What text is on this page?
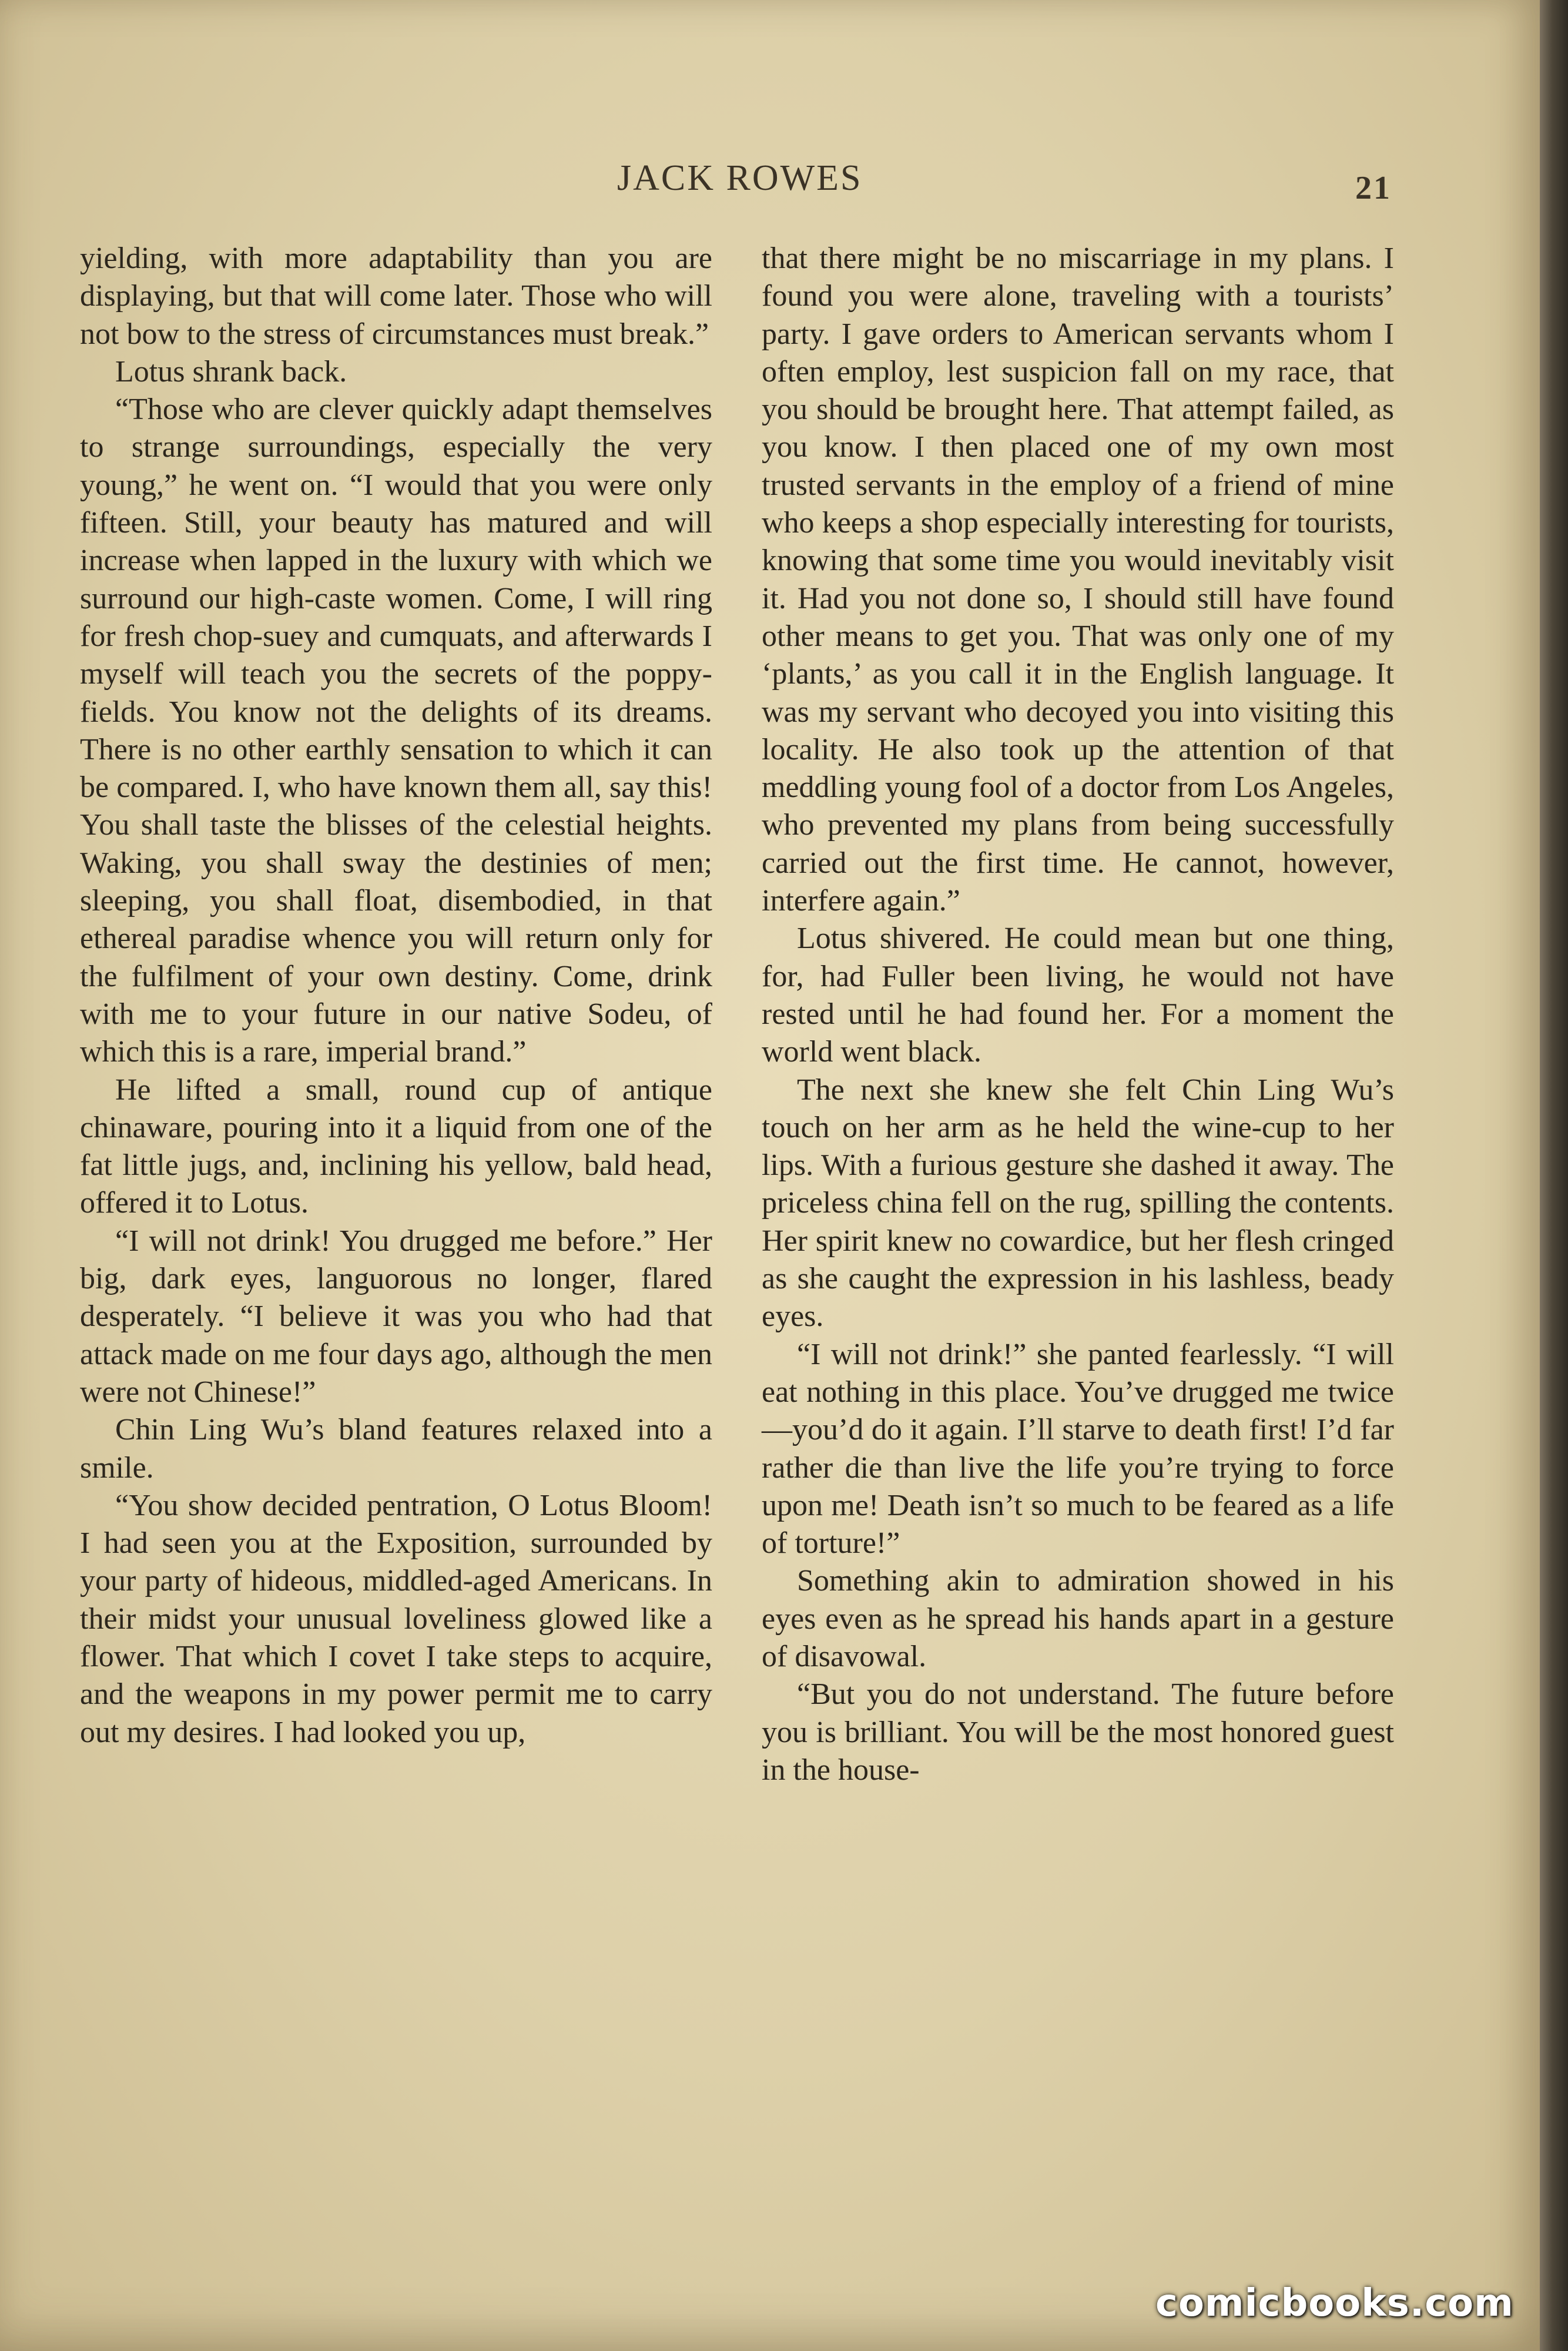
JACK ROWES	21

yielding, with more adaptability than you are displaying, but that will come later. Those who will not bow to the stress of circumstances must break.”

Lotus shrank back.

“Those who are clever quickly adapt themselves to strange surroundings, especially the very young,” he went on. “I would that you were only fifteen. Still, your beauty has matured and will increase when lapped in the luxury with which we surround our high-caste women. Come, I will ring for fresh chop-suey and cumquats, and afterwards I myself will teach you the secrets of the poppy-fields. You know not the delights of its dreams. There is no other earthly sensation to which it can be compared. I, who have known them all, say this! You shall taste the blisses of the celestial heights. Waking, you shall sway the destinies of men; sleeping, you shall float, disembodied, in that ethereal paradise whence you will return only for the fulfilment of your own destiny. Come, drink with me to your future in our native Sodeu, of which this is a rare, imperial brand.”

He lifted a small, round cup of antique chinaware, pouring into it a liquid from one of the fat little jugs, and, inclining his yellow, bald head, offered it to Lotus.

“I will not drink! You drugged me before.” Her big, dark eyes, languorous no longer, flared desperately. “I believe it was you who had that attack made on me four days ago, although the men were not Chinese!”

Chin Ling Wu’s bland features relaxed into a smile.

“You show decided pentration, O Lotus Bloom! I had seen you at the Exposition, surrounded by your party of hideous, middled-aged Americans. In their midst your unusual loveliness glowed like a flower. That which I covet I take steps to acquire, and the weapons in my power permit me to carry out my desires. I had looked you up,

that there might be no miscarriage in my plans. I found you were alone, traveling with a tourists’ party. I gave orders to American servants whom I often employ, lest suspicion fall on my race, that you should be brought here. That attempt failed, as you know. I then placed one of my own most trusted servants in the employ of a friend of mine who keeps a shop especially interesting for tourists, knowing that some time you would inevitably visit it. Had you not done so, I should still have found other means to get you. That was only one of my ‘plants,’ as you call it in the English language. It was my servant who decoyed you into visiting this locality. He also took up the attention of that meddling young fool of a doctor from Los Angeles, who prevented my plans from being successfully carried out the first time. He cannot, however, interfere again.”

Lotus shivered. He could mean but one thing, for, had Fuller been living, he would not have rested until he had found her. For a moment the world went black.

The next she knew she felt Chin Ling Wu’s touch on her arm as he held the wine-cup to her lips. With a furious gesture she dashed it away. The priceless china fell on the rug, spilling the contents. Her spirit knew no cowardice, but her flesh cringed as she caught the expression in his lashless, beady eyes.

“I will not drink!” she panted fearlessly. “I will eat nothing in this place. You’ve drugged me twice—you’d do it again. I’ll starve to death first! I’d far rather die than live the life you’re trying to force upon me! Death isn’t so much to be feared as a life of torture!”

Something akin to admiration showed in his eyes even as he spread his hands apart in a gesture of disavowal.

“But you do not understand. The future before you is brilliant. You will be the most honored guest in the house-

comicbooks.com
